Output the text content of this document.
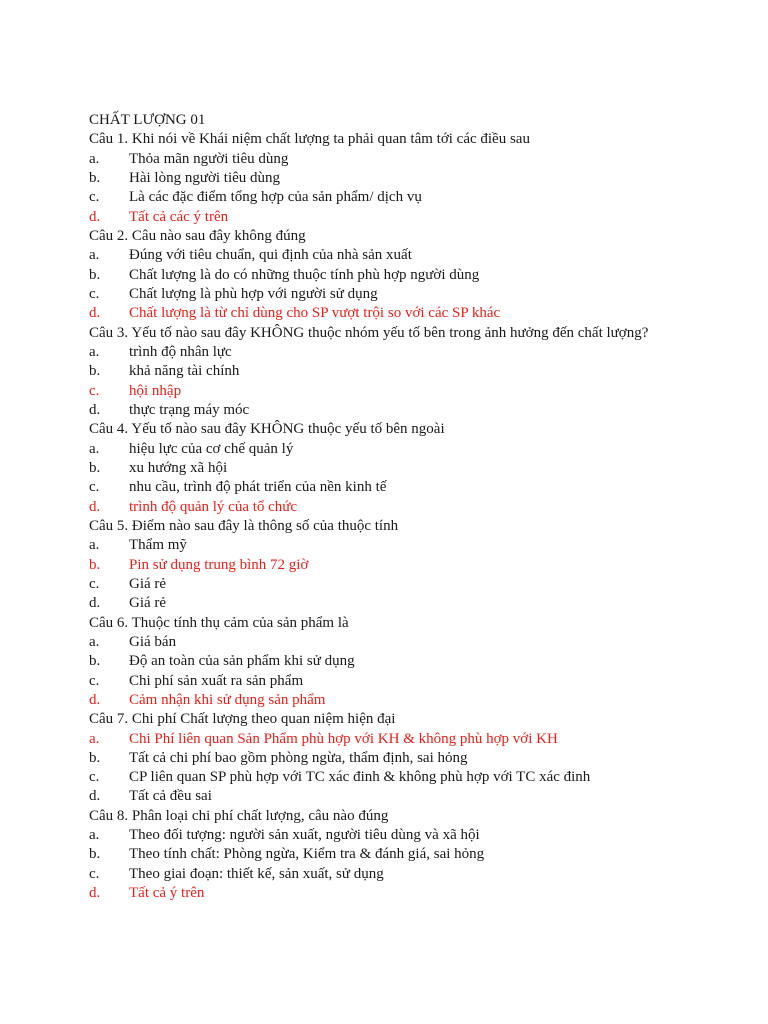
CHẤT LƯỢNG 01
Câu 1. Khi nói về Khái niệm chất lượng ta phải quan tâm tới các điều sau
a. Thỏa mãn người tiêu dùng
b. Hài lòng người tiêu dùng
c. Là các đặc điểm tổng hợp của sản phẩm/ dịch vụ
d. Tất cả các ý trên
Câu 2. Câu nào sau đây không đúng
a. Đúng với tiêu chuẩn, qui định của nhà sản xuất
b. Chất lượng là do có những thuộc tính phù hợp người dùng
c. Chất lượng là phù hợp với người sử dụng
d. Chất lượng là từ chỉ dùng cho SP vượt trội so với các SP khác
Câu 3. Yếu tố nào sau đây KHÔNG thuộc nhóm yếu tố bên trong ảnh hưởng đến chất lượng?
a. trình độ nhân lực
b. khả năng tài chính
c. hội nhập
d. thực trạng máy móc
Câu 4. Yếu tố nào sau đây KHÔNG thuộc yếu tố bên ngoài
a. hiệu lực của cơ chế quản lý
b. xu hướng xã hội
c. nhu cầu, trình độ phát triển của nền kinh tế
d. trình độ quản lý của tổ chức
Câu 5. Điểm nào sau đây là thông số của thuộc tính
a. Thẩm mỹ
b. Pin sử dụng trung bình 72 giờ
c. Giá rẻ
d. Giá rẻ
Câu 6. Thuộc tính thụ cảm của sản phẩm là
a. Giá bán
b. Độ an toàn của sản phẩm khi sử dụng
c. Chi phí sản xuất ra sản phẩm
d. Cảm nhận khi sử dụng sản phẩm
Câu 7. Chi phí Chất lượng theo quan niệm hiện đại
a. Chi Phí liên quan Sản Phẩm phù hợp với KH & không phù hợp với KH
b. Tất cả chi phí bao gồm phòng ngừa, thẩm định, sai hỏng
c. CP liên quan SP phù hợp với TC xác đinh & không phù hợp với TC xác đinh
d. Tất cả đều sai
Câu 8. Phân loại chi phí chất lượng, câu nào đúng
a. Theo đối tượng: người sản xuất, người tiêu dùng và xã hội
b. Theo tính chất: Phòng ngừa, Kiểm tra & đánh giá, sai hỏng
c. Theo giai đoạn: thiết kế, sản xuất, sử dụng
d. Tất cả ý trên
